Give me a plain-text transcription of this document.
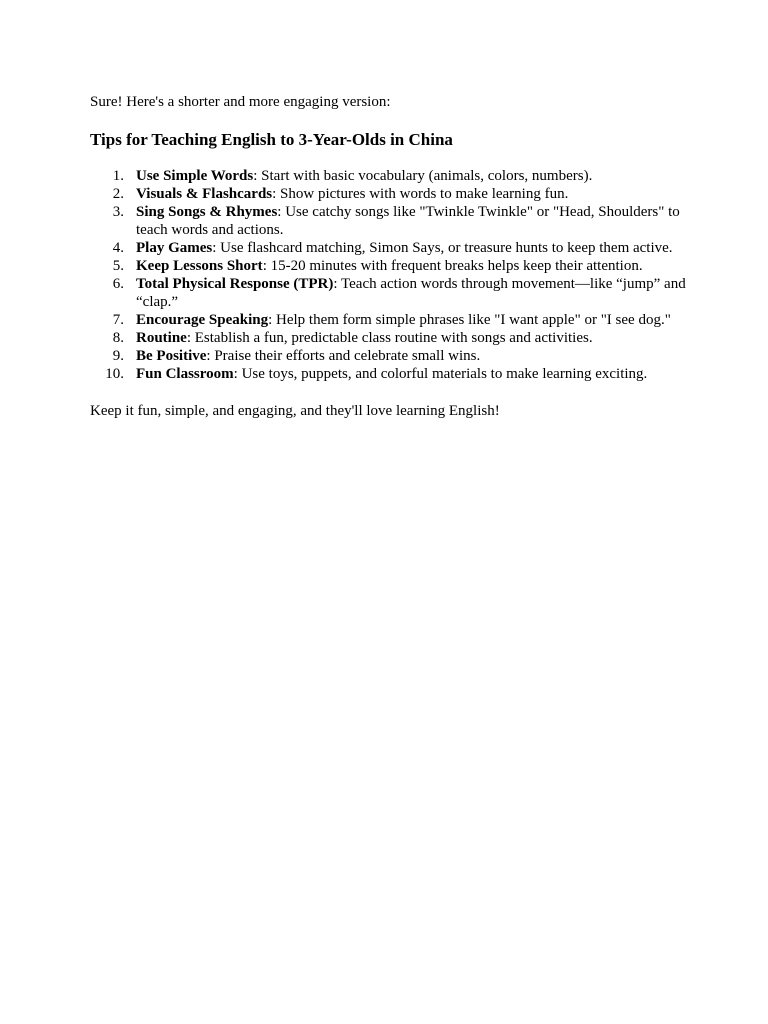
Sure! Here's a shorter and more engaging version:

Tips for Teaching English to 3-Year-Olds in China
1. Use Simple Words: Start with basic vocabulary (animals, colors, numbers).
2. Visuals & Flashcards: Show pictures with words to make learning fun.
3. Sing Songs & Rhymes: Use catchy songs like "Twinkle Twinkle" or "Head, Shoulders" to teach words and actions.
4. Play Games: Use flashcard matching, Simon Says, or treasure hunts to keep them active.
5. Keep Lessons Short: 15-20 minutes with frequent breaks helps keep their attention.
6. Total Physical Response (TPR): Teach action words through movement—like “jump” and “clap.”
7. Encourage Speaking: Help them form simple phrases like "I want apple" or "I see dog."
8. Routine: Establish a fun, predictable class routine with songs and activities.
9. Be Positive: Praise their efforts and celebrate small wins.
10. Fun Classroom: Use toys, puppets, and colorful materials to make learning exciting.

Keep it fun, simple, and engaging, and they'll love learning English!
